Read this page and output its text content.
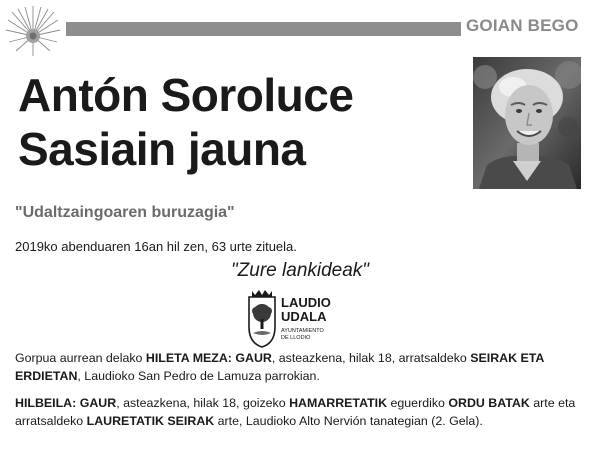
GOIAN BEGO
Antón Soroluce
Sasiain jauna
"Udaltzaingoaren buruzagia"
2019ko abenduaren 16an hil zen, 63 urte zituela.
"Zure lankideak"
LAUDIO
UDALA
AYUNTAMIENTO
DE LLODIO
Gorpua aurrean delako HILETA MEZA: GAUR, asteazkena, hilak 18, arratsaldeko SEIRAK ETA ERDIETAN, Laudioko San Pedro de Lamuza parrokian.
HILBEILA: GAUR, asteazkena, hilak 18, goizeko HAMARRETATIK eguerdiko ORDU BATAK arte eta arratsaldeko LAURETATIK SEIRAK arte, Laudioko Alto Nervión tanategian (2. Gela).
